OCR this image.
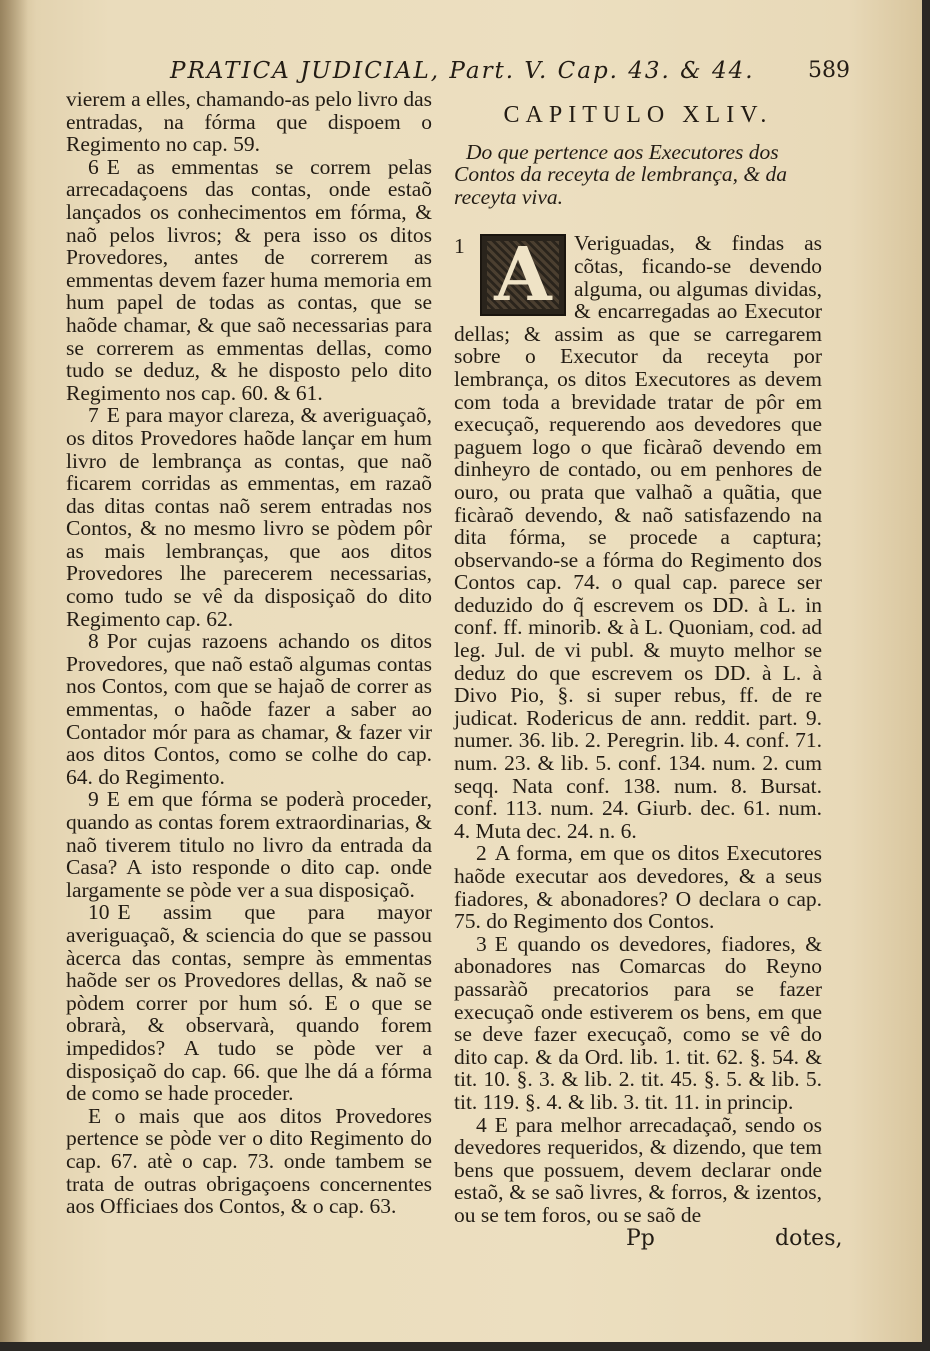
PRATICA JUDICIAL, Part. V. Cap. 43. & 44. 589

vierem a elles, chamando-as pelo livro das entradas, na fórma que dispoem o Regimento no cap. 59.

6 E as emmentas se correm pelas arrecadaçoens das contas, onde estaõ lançados os conhecimentos em fórma, & naõ pelos livros; & pera isso os ditos Provedores, antes de correrem as emmentas devem fazer huma memoria em hum papel de todas as contas, que se haõde chamar, & que saõ necessarias para se correrem as emmentas dellas, como tudo se deduz, & he disposto pelo dito Regimento nos cap. 60. & 61.

7 E para mayor clareza, & averiguaçaõ, os ditos Provedores haõde lançar em hum livro de lembrança as contas, que naõ ficarem corridas as emmentas, em razaõ das ditas contas naõ serem entradas nos Contos, & no mesmo livro se pòdem pôr as mais lembranças, que aos ditos Provedores lhe parecerem necessarias, como tudo se vê da disposiçaõ do dito Regimento cap. 62.

8 Por cujas razoens achando os ditos Provedores, que naõ estaõ algumas contas nos Contos, com que se hajaõ de correr as emmentas, o haõde fazer a saber ao Contador mór para as chamar, & fazer vir aos ditos Contos, como se colhe do cap. 64. do Regimento.

9 E em que fórma se poderà proceder, quando as contas forem extraordinarias, & naõ tiverem titulo no livro da entrada da Casa? A isto responde o dito cap. onde largamente se pòde ver a sua disposiçaõ.

10 E assim que para mayor averiguaçaõ, & sciencia do que se passou àcerca das contas, sempre às emmentas haõde ser os Provedores dellas, & naõ se pòdem correr por hum só. E o que se obrarà, & observarà, quando forem impedidos? A tudo se pòde ver a disposiçaõ do cap. 66. que lhe dá a fórma de como se hade proceder.

E o mais que aos ditos Provedores pertence se pòde ver o dito Regimento do cap. 67. atè o cap. 73. onde tambem se trata de outras obrigaçoens concernentes aos Officiaes dos Contos, & o cap. 63.

CAPITULO XLIV.

Do que pertence aos Executores dos Contos da receyta de lembrança, & da receyta viva.

1 A Veriguadas, & findas as cõtas, ficando-se devendo alguma, ou algumas dividas, & encarregadas ao Executor dellas; & assim as que se carregarem sobre o Executor da receyta por lembrança, os ditos Executores as devem com toda a brevidade tratar de pôr em execuçaõ, requerendo aos devedores que paguem logo o que ficàraõ devendo em dinheyro de contado, ou em penhores de ouro, ou prata que valhaõ a quãtia, que ficàraõ devendo, & naõ satisfazendo na dita fórma, se procede a captura; observando-se a fórma do Regimento dos Contos cap. 74. o qual cap. parece ser deduzido do q̃ escrevem os DD. à L. in conf. ff. minorib. & à L. Quoniam, cod. ad leg. Jul. de vi publ. & muyto melhor se deduz do que escrevem os DD. à L. à Divo Pio, §. si super rebus, ff. de re judicat. Rodericus de ann. reddit. part. 9. numer. 36. lib. 2. Peregrin. lib. 4. conf. 71. num. 23. & lib. 5. conf. 134. num. 2. cum seqq. Nata conf. 138. num. 8. Bursat. conf. 113. num. 24. Giurb. dec. 61. num. 4. Muta dec. 24. n. 6.

2 A forma, em que os ditos Executores haõde executar aos devedores, & a seus fiadores, & abonadores? O declara o cap. 75. do Regimento dos Contos.

3 E quando os devedores, fiadores, & abonadores nas Comarcas do Reyno passaràõ precatorios para se fazer execuçaõ onde estiverem os bens, em que se deve fazer execuçaõ, como se vê do dito cap. & da Ord. lib. 1. tit. 62. §. 54. & tit. 10. §. 3. & lib. 2. tit. 45. §. 5. & lib. 5. tit. 119. §. 4. & lib. 3. tit. 11. in princip.

4 E para melhor arrecadaçaõ, sendo os devedores requeridos, & dizendo, que tem bens que possuem, devem declarar onde estaõ, & se saõ livres, & forros, & izentos, ou se tem foros, ou se saõ de

Pp	dotes,
